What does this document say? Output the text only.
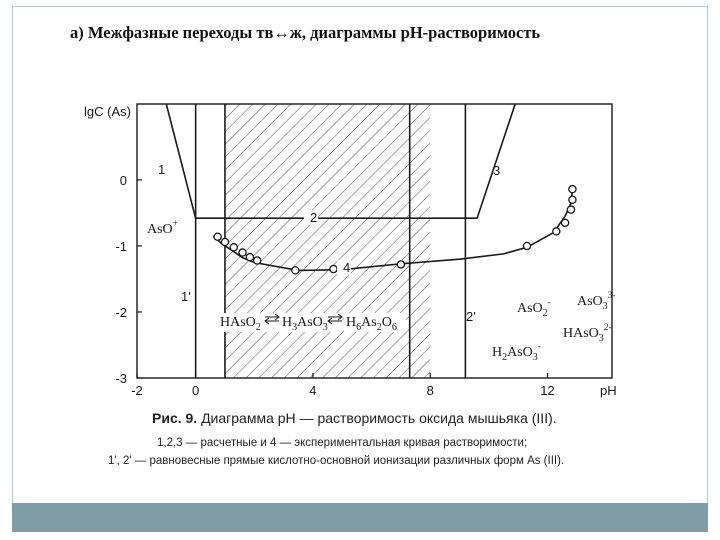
а) Межфазные переходы тв↔ж, диаграммы pH-растворимость
-2	0	4	8	12
0
-1
-2
-3
lgC (As)
pH
1
2
3
4
1'
2'
AsO+
AsO$_2$- AsO$_3^{3-}$
HAsO$_3^{2-}$
$H_2AsO_3^-$
HAsO$_2$ $H_3AsO_3$ $H_6As_2O_6$
Рис. 9. Диаграмма pH — растворимость оксида мышьяка (III).
1,2,3 — расчетные и 4 — экспериментальная кривая растворимости;
1', 2' — равновесные прямые кислотно-основной ионизации различных форм As (III).
